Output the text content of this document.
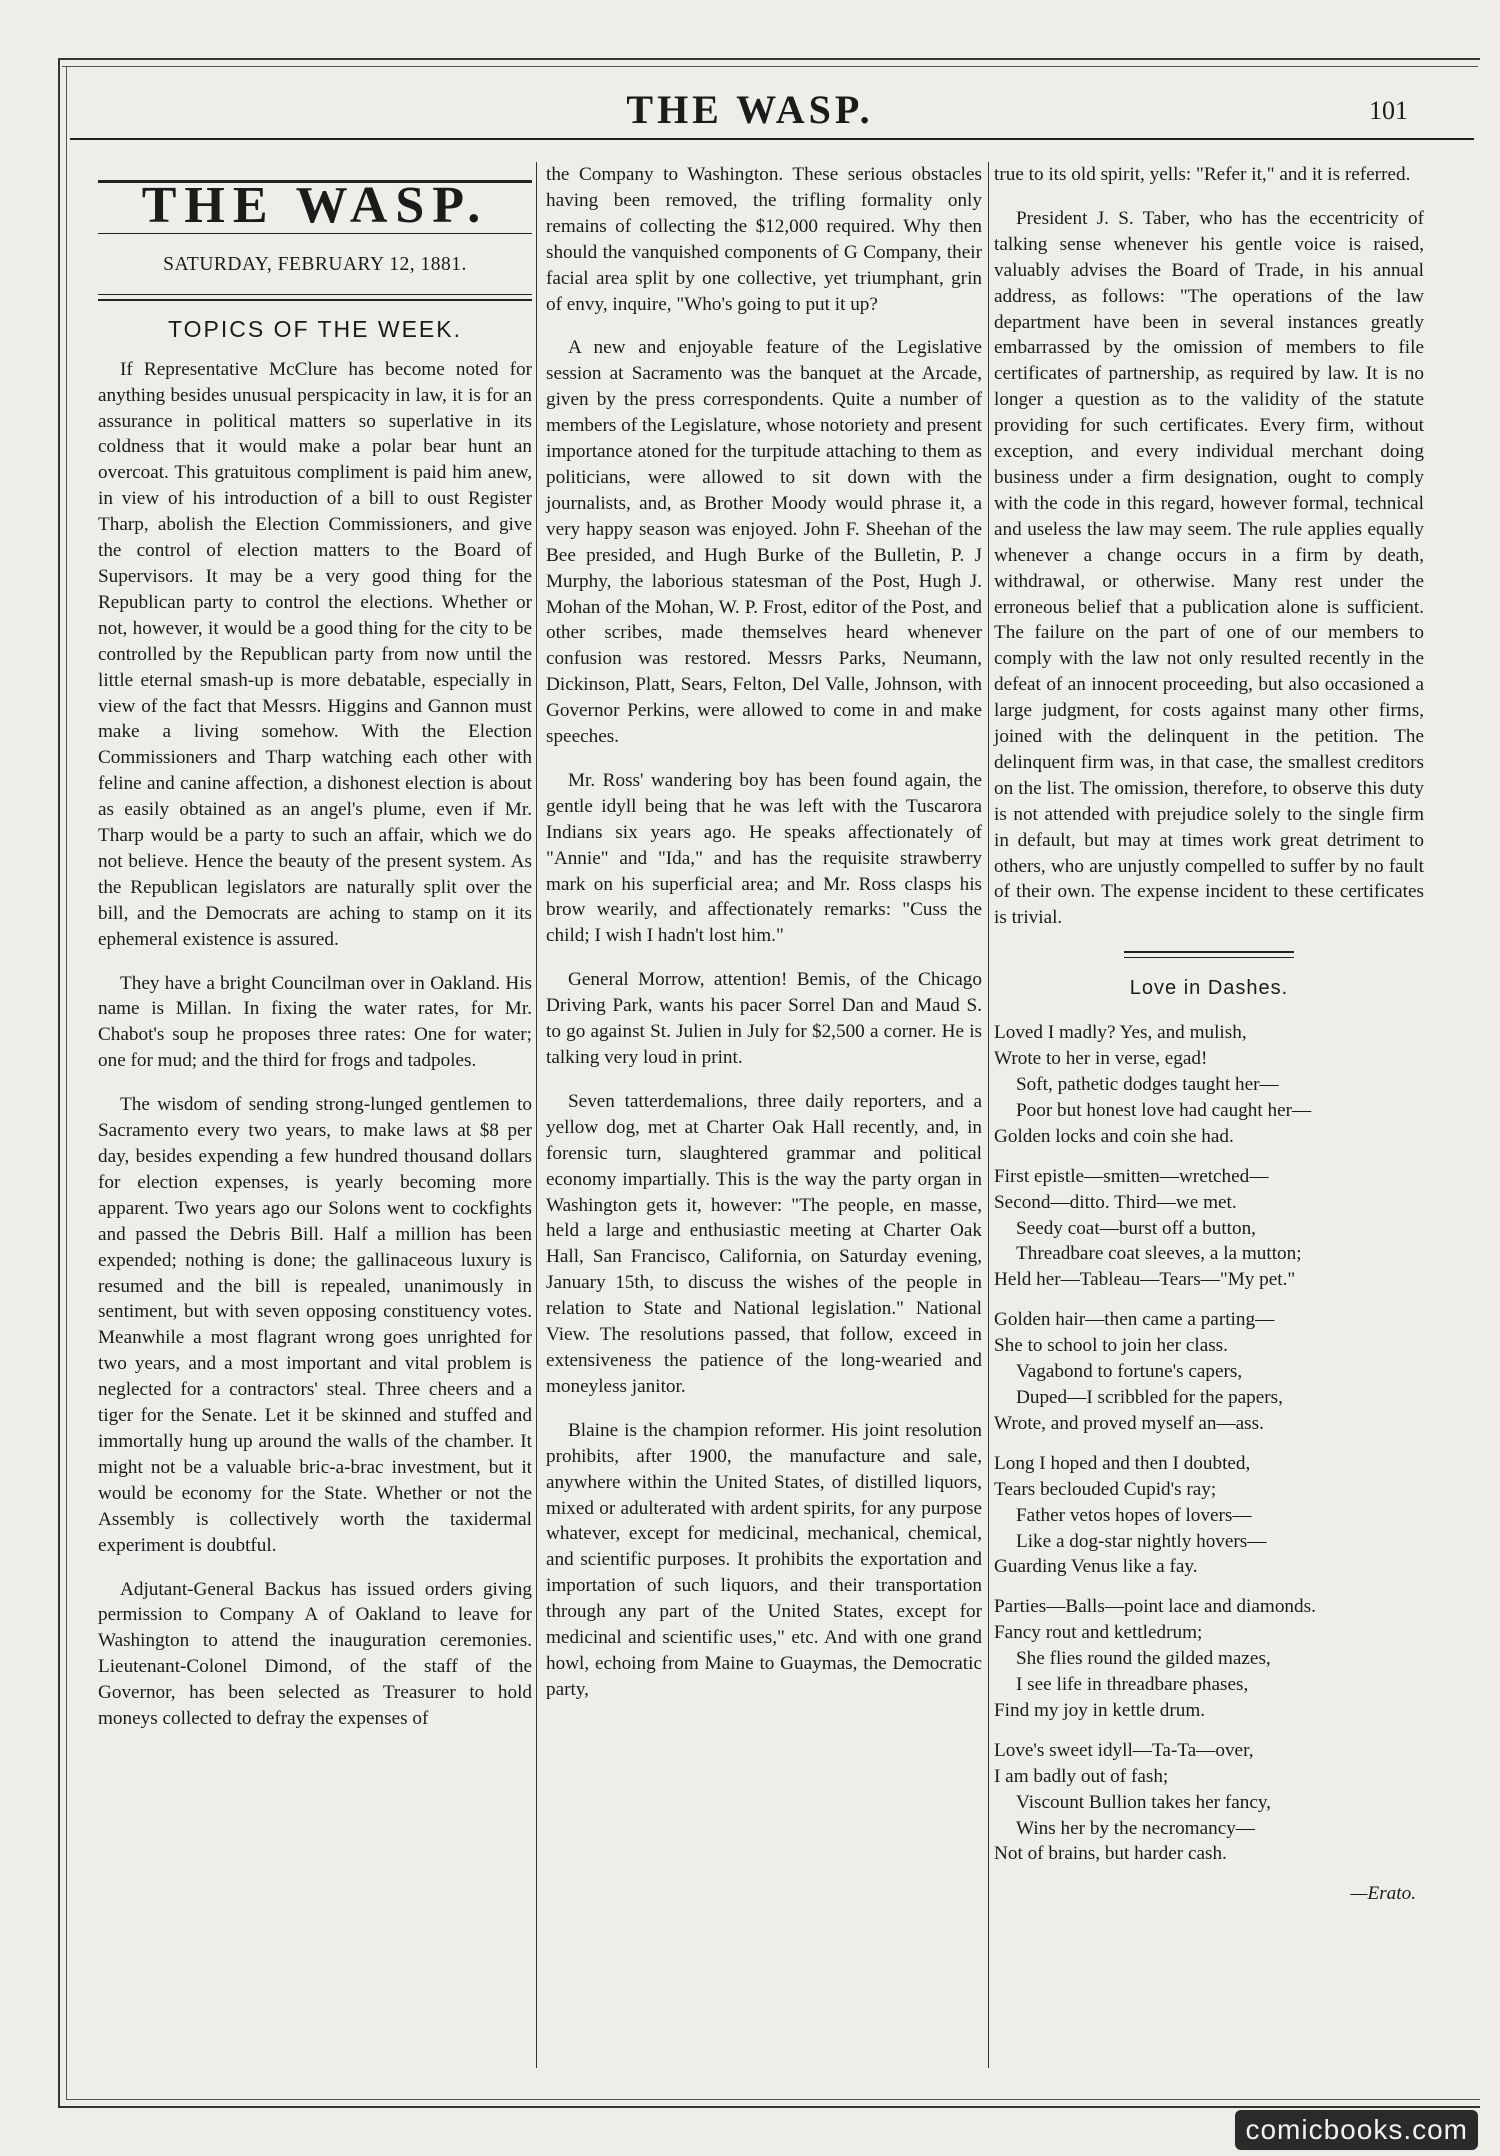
THE WASP.	101
THE WASP.
SATURDAY, FEBRUARY 12, 1881.
TOPICS OF THE WEEK.

If Representative McClure has become noted for anything besides unusual perspicacity in law, it is for an assurance in political matters so superlative in its coldness that it would make a polar bear hunt an overcoat. This gratuitous compliment is paid him anew, in view of his introduction of a bill to oust Register Tharp, abolish the Election Commissioners, and give the control of election matters to the Board of Supervisors. It may be a very good thing for the Republican party to control the elections. Whether or not, however, it would be a good thing for the city to be controlled by the Republican party from now until the little eternal smash-up is more debatable, especially in view of the fact that Messrs. Higgins and Gannon must make a living somehow. With the Election Commissioners and Tharp watching each other with feline and canine affection, a dishonest election is about as easily obtained as an angel's plume, even if Mr. Tharp would be a party to such an affair, which we do not believe. Hence the beauty of the present system. As the Republican legislators are naturally split over the bill, and the Democrats are aching to stamp on it its ephemeral existence is assured.

They have a bright Councilman over in Oakland. His name is Millan. In fixing the water rates, for Mr. Chabot's soup he proposes three rates: One for water; one for mud; and the third for frogs and tadpoles.

The wisdom of sending strong-lunged gentlemen to Sacramento every two years, to make laws at $8 per day, besides expending a few hundred thousand dollars for election expenses, is yearly becoming more apparent. Two years ago our Solons went to cockfights and passed the Debris Bill. Half a million has been expended; nothing is done; the gallinaceous luxury is resumed and the bill is repealed, unanimously in sentiment, but with seven opposing constituency votes. Meanwhile a most flagrant wrong goes unrighted for two years, and a most important and vital problem is neglected for a contractors' steal. Three cheers and a tiger for the Senate. Let it be skinned and stuffed and immortally hung up around the walls of the chamber. It might not be a valuable bric-a-brac investment, but it would be economy for the State. Whether or not the Assembly is collectively worth the taxidermal experiment is doubtful.

Adjutant-General Backus has issued orders giving permission to Company A of Oakland to leave for Washington to attend the inauguration ceremonies. Lieutenant-Colonel Dimond, of the staff of the Governor, has been selected as Treasurer to hold moneys collected to defray the expenses of

the Company to Washington. These serious obstacles having been removed, the trifling formality only remains of collecting the $12,000 required. Why then should the vanquished components of G Company, their facial area split by one collective, yet triumphant, grin of envy, inquire, "Who's going to put it up?

A new and enjoyable feature of the Legislative session at Sacramento was the banquet at the Arcade, given by the press correspondents. Quite a number of members of the Legislature, whose notoriety and present importance atoned for the turpitude attaching to them as politicians, were allowed to sit down with the journalists, and, as Brother Moody would phrase it, a very happy season was enjoyed. John F. Sheehan of the Bee presided, and Hugh Burke of the Bulletin, P. J Murphy, the laborious statesman of the Post, Hugh J. Mohan of the Mohan, W. P. Frost, editor of the Post, and other scribes, made themselves heard whenever confusion was restored. Messrs Parks, Neumann, Dickinson, Platt, Sears, Felton, Del Valle, Johnson, with Governor Perkins, were allowed to come in and make speeches.

Mr. Ross' wandering boy has been found again, the gentle idyll being that he was left with the Tuscarora Indians six years ago. He speaks affectionately of "Annie" and "Ida," and has the requisite strawberry mark on his superficial area; and Mr. Ross clasps his brow wearily, and affectionately remarks: "Cuss the child; I wish I hadn't lost him."

General Morrow, attention! Bemis, of the Chicago Driving Park, wants his pacer Sorrel Dan and Maud S. to go against St. Julien in July for $2,500 a corner. He is talking very loud in print.

Seven tatterdemalions, three daily reporters, and a yellow dog, met at Charter Oak Hall recently, and, in forensic turn, slaughtered grammar and political economy impartially. This is the way the party organ in Washington gets it, however: "The people, en masse, held a large and enthusiastic meeting at Charter Oak Hall, San Francisco, California, on Saturday evening, January 15th, to discuss the wishes of the people in relation to State and National legislation." National View. The resolutions passed, that follow, exceed in extensiveness the patience of the long-wearied and moneyless janitor.

Blaine is the champion reformer. His joint resolution prohibits, after 1900, the manufacture and sale, anywhere within the United States, of distilled liquors, mixed or adulterated with ardent spirits, for any purpose whatever, except for medicinal, mechanical, chemical, and scientific purposes. It prohibits the exportation and importation of such liquors, and their transportation through any part of the United States, except for medicinal and scientific uses," etc. And with one grand howl, echoing from Maine to Guaymas, the Democratic party,

true to its old spirit, yells: "Refer it," and it is referred.

President J. S. Taber, who has the eccentricity of talking sense whenever his gentle voice is raised, valuably advises the Board of Trade, in his annual address, as follows: "The operations of the law department have been in several instances greatly embarrassed by the omission of members to file certificates of partnership, as required by law. It is no longer a question as to the validity of the statute providing for such certificates. Every firm, without exception, and every individual merchant doing business under a firm designation, ought to comply with the code in this regard, however formal, technical and useless the law may seem. The rule applies equally whenever a change occurs in a firm by death, withdrawal, or otherwise. Many rest under the erroneous belief that a publication alone is sufficient. The failure on the part of one of our members to comply with the law not only resulted recently in the defeat of an innocent proceeding, but also occasioned a large judgment, for costs against many other firms, joined with the delinquent in the petition. The delinquent firm was, in that case, the smallest creditors on the list. The omission, therefore, to observe this duty is not attended with prejudice solely to the single firm in default, but may at times work great detriment to others, who are unjustly compelled to suffer by no fault of their own. The expense incident to these certificates is trivial.

Love in Dashes.
Loved I madly? Yes, and mulish,
Wrote to her in verse, egad!
Soft, pathetic dodges taught her—
Poor but honest love had caught her—
Golden locks and coin she had.
First epistle—smitten—wretched—
Second—ditto. Third—we met.
Seedy coat—burst off a button,
Threadbare coat sleeves, a la mutton;
Held her—Tableau—Tears—"My pet."
Golden hair—then came a parting—
She to school to join her class.
Vagabond to fortune's capers,
Duped—I scribbled for the papers,
Wrote, and proved myself an—ass.
Long I hoped and then I doubted,
Tears beclouded Cupid's ray;
Father vetos hopes of lovers—
Like a dog-star nightly hovers—
Guarding Venus like a fay.
Parties—Balls—point lace and diamonds.
Fancy rout and kettledrum;
She flies round the gilded mazes,
I see life in threadbare phases,
Find my joy in kettle drum.
Love's sweet idyll—Ta-Ta—over,
I am badly out of fash;
Viscount Bullion takes her fancy,
Wins her by the necromancy—
Not of brains, but harder cash.
—Erato.
comicbooks.com
